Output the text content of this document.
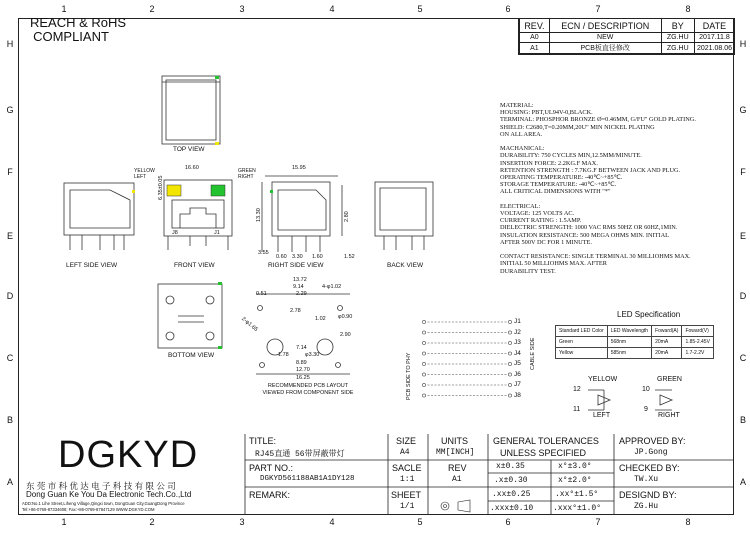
1	2	3	4	5	6	7	8
1	2	3	4	5	6	7	8
H
G
F
E
D
C
B
A
H
G
F
E
D
C
B
A
REACH & RoHS
COMPLIANT
REV.	ECN / DESCRIPTION	BY	DATE
A0	NEW	ZG.HU	2017.11.8
A1	PCB板直径修改	ZG.HU	2021.08.06
TOP VIEW
LEFT SIDE VIEW	FRONT VIEW	RIGHT SIDE VIEW	BACK VIEW
BOTTOM VIEW
RECOMMENDED PCB LAYOUT
VIEWED FROM COMPONENT SIDE
YELLOW
LEFT
GREEN
RIGHT
J8	J1
16.60
6.35±0.05
15.95
13.30	2.80
3.55
0.60 3.30 1.60	1.52
13.72
9.14
2.29
4-φ1.02
0.51
2.78
1.02 φ0.90
2.90
7.14
1.78	φ3.30
8.89
12.70
16.25
2-φ1.65
MATERIAL:
HOUSING: PBT,UL94V-0,BLACK.
TERMINAL: PHOSPHOR BRONZE Ø=0.46MM, G/FU" GOLD PLATING.
SHIELD: C2680,T=0.20MM,20U" MIN NICKEL PLATING
ON ALL AREA.

MACHANICAL:
DURABILITY: 750 CYCLES MIN,12.5MM/MINUTE.
INSERTION FORCE: 2.2KG.F MAX.
RETENTION STRENGTH : 7.7KG.F BETWEEN JACK AND PLUG.
OPERATING TEMPERATURE: -40℃~+85℃.
STORAGE TEMPERATURE: -40℃~+85℃.
ALL CRITICAL DIMENSIONS WITH "*"

ELECTRICAL:
VOLTAGE: 125 VOLTS AC.
CURRENT RATING : 1.5AMP.
DIELECTRIC STRENGTH: 1000 VAC RMS 50HZ OR 60HZ,1MIN.
INSULATION RESISTANCE: 500 MEGA OHMS MIN. INITIAL
AFTER 500V DC FOR 1 MINUTE.

CONTACT RESISTANCE: SINGLE TERMINAL 30 MILLIOHMS MAX.
INITIAL 50 MILLIOHMS MAX. AFTER
DURABILITY TEST.
J1
J2
J3
J4
J5
J6
J7
J8
PCB SIDE TO PHY	CABLE SIDE
LED Specification
Standard LED Color	LED Wavelength	Foward(A)	Foward(V)
Green	568nm	20mA	1.85-2.45V
Yellow	585nm	20mA	1.7-2.2V
YELLOW	GREEN
LEFT	RIGHT
12
11
10
9
DGKYD
东 莞 市 科 优 达 电 子 科 技 有 限 公 司
Dong Guan Ke You Da Electronic Tech.Co.,Ltd
ADD:No.1 Lihe Street,Liheng Village,Qingxi town, DongGuan City,GuangDong Province
Tel:+86-0769-87334608; Fax:+86-0769-87847129 WWW.DGKYD.COM
TITLE:
RJ45直通 56带屏蔽带灯
PART NO.:
DGKYD561188AB1A1DY128
REMARK:
SIZE
A4
UNITS
MM[INCH]
SACLE
1:1
REV
A1
SHEET
1/1
GENERAL TOLERANCES
UNLESS SPECIFIED
x±0.35	x°±3.0°
.x±0.30	x°±2.0°
.xx±0.25	.xx°±1.5°
.xxx±0.10 .xxx°±1.0°
APPROVED BY:
JP.Gong
CHECKED BY:
TW.Xu
DESIGND BY:
ZG.Hu
